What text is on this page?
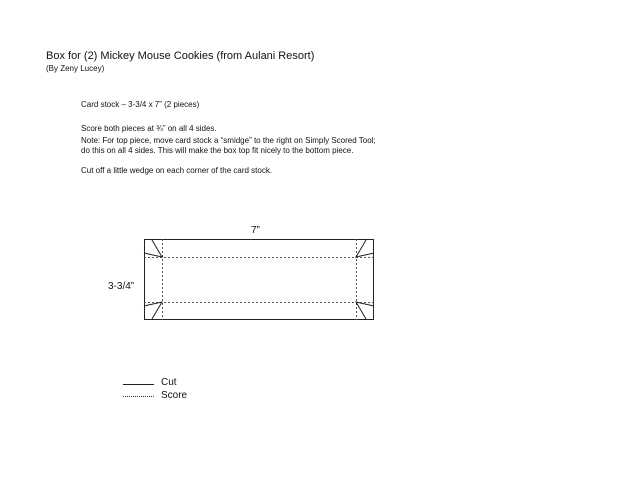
Box for (2) Mickey Mouse Cookies (from Aulani Resort)
(By Zeny Lucey)
Card stock – 3-3/4 x 7” (2 pieces)
Score both pieces at ¾” on all 4 sides.
Note: For top piece, move card stock a “smidge” to the right on Simply Scored Tool;
do this on all 4 sides. This will make the box top fit nicely to the bottom piece.
Cut off a little wedge on each corner of the card stock.
7”
3-3/4”
Cut
Score
